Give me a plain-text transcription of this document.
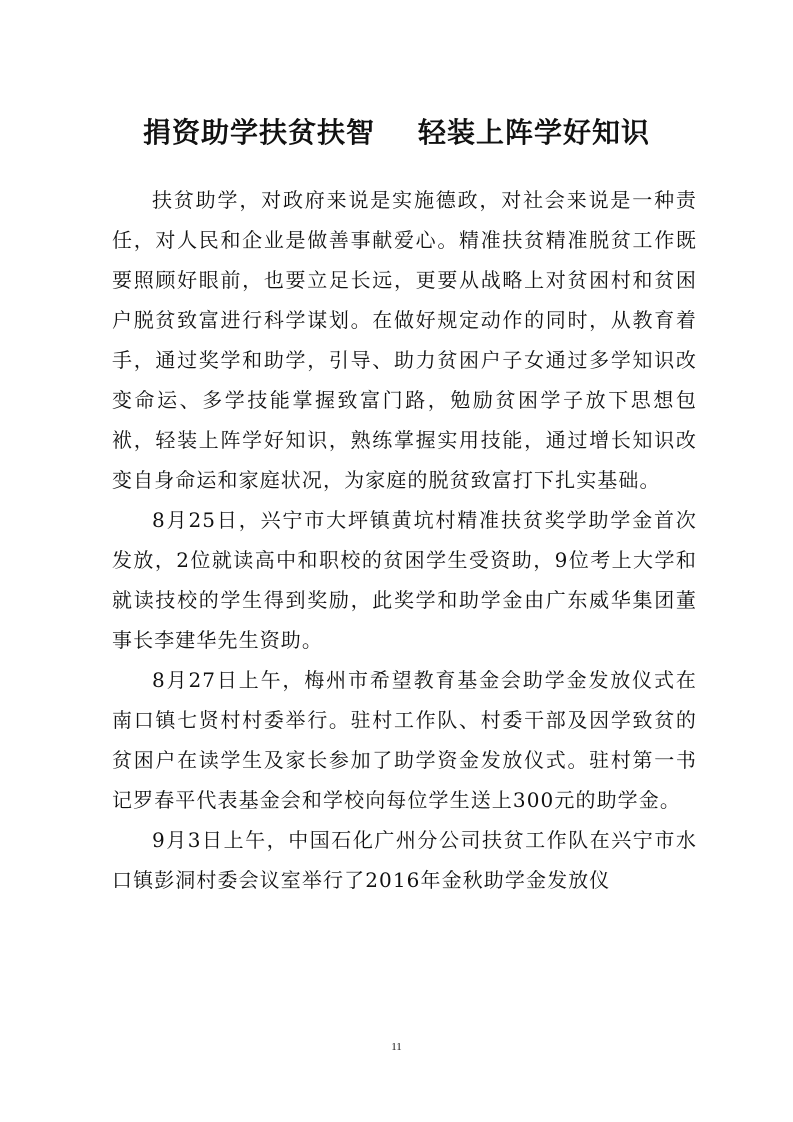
捐资助学扶贫扶智    轻装上阵学好知识

扶贫助学，对政府来说是实施德政，对社会来说是一种责任，对人民和企业是做善事献爱心。精准扶贫精准脱贫工作既要照顾好眼前，也要立足长远，更要从战略上对贫困村和贫困户脱贫致富进行科学谋划。在做好规定动作的同时，从教育着手，通过奖学和助学，引导、助力贫困户子女通过多学知识改变命运、多学技能掌握致富门路，勉励贫困学子放下思想包袱，轻装上阵学好知识，熟练掌握实用技能，通过增长知识改变自身命运和家庭状况，为家庭的脱贫致富打下扎实基础。

8月25日，兴宁市大坪镇黄坑村精准扶贫奖学助学金首次发放，2位就读高中和职校的贫困学生受资助，9位考上大学和就读技校的学生得到奖励，此奖学和助学金由广东威华集团董事长李建华先生资助。

8月27日上午，梅州市希望教育基金会助学金发放仪式在南口镇七贤村村委举行。驻村工作队、村委干部及因学致贫的贫困户在读学生及家长参加了助学资金发放仪式。驻村第一书记罗春平代表基金会和学校向每位学生送上300元的助学金。

9月3日上午，中国石化广州分公司扶贫工作队在兴宁市水口镇彭洞村委会议室举行了2016年金秋助学金发放仪

11
